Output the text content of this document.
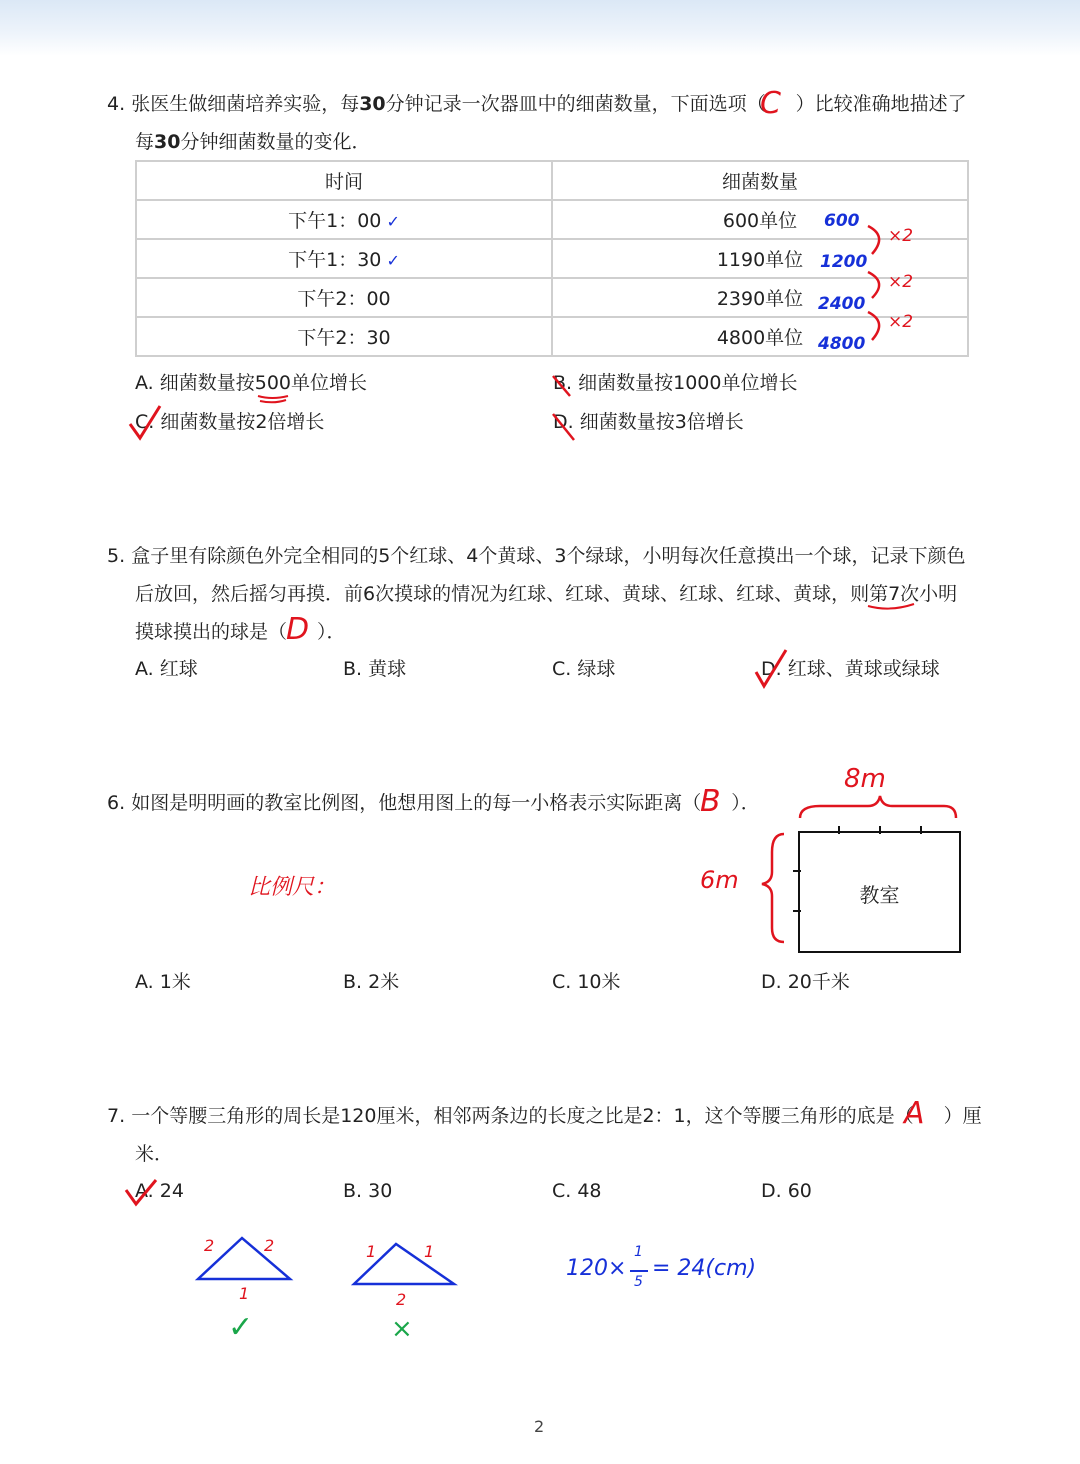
4. 张医生做细菌培养实验，每30分钟记录一次器皿中的细菌数量，下面选项（ ）比较准确地描述了
每30分钟细菌数量的变化．
C
时间	细菌数量
下午1：00 ✓	600单位
下午1：30 ✓	1190单位
下午2：00	2390单位
下午2：30	4800单位
600
1200
2400
4800
×2
×2
×2
A. 细菌数量按500单位增长	B. 细菌数量按1000单位增长
C. 细菌数量按2倍增长	D. 细菌数量按3倍增长
5. 盒子里有除颜色外完全相同的5个红球、4个黄球、3个绿球，小明每次任意摸出一个球，记录下颜色
后放回，然后摇匀再摸．前6次摸球的情况为红球、红球、黄球、红球、红球、黄球，则第7次小明
摸球摸出的球是（ ）．
D
A. 红球	B. 黄球	C. 绿球	D. 红球、黄球或绿球
6. 如图是明明画的教室比例图，他想用图上的每一小格表示实际距离（ ）．
B
8m
6m
比例尺：	教室
A. 1米	B. 2米	C. 10米	D. 20千米
7. 一个等腰三角形的周长是120厘米，相邻两条边的长度之比是2：1，这个等腰三角形的底是（ ）厘
米．
A
A. 24	B. 30	C. 48	D. 60
2	2
1
1	1
2
✓	×
120×
1
5
= 24(cm)
2
